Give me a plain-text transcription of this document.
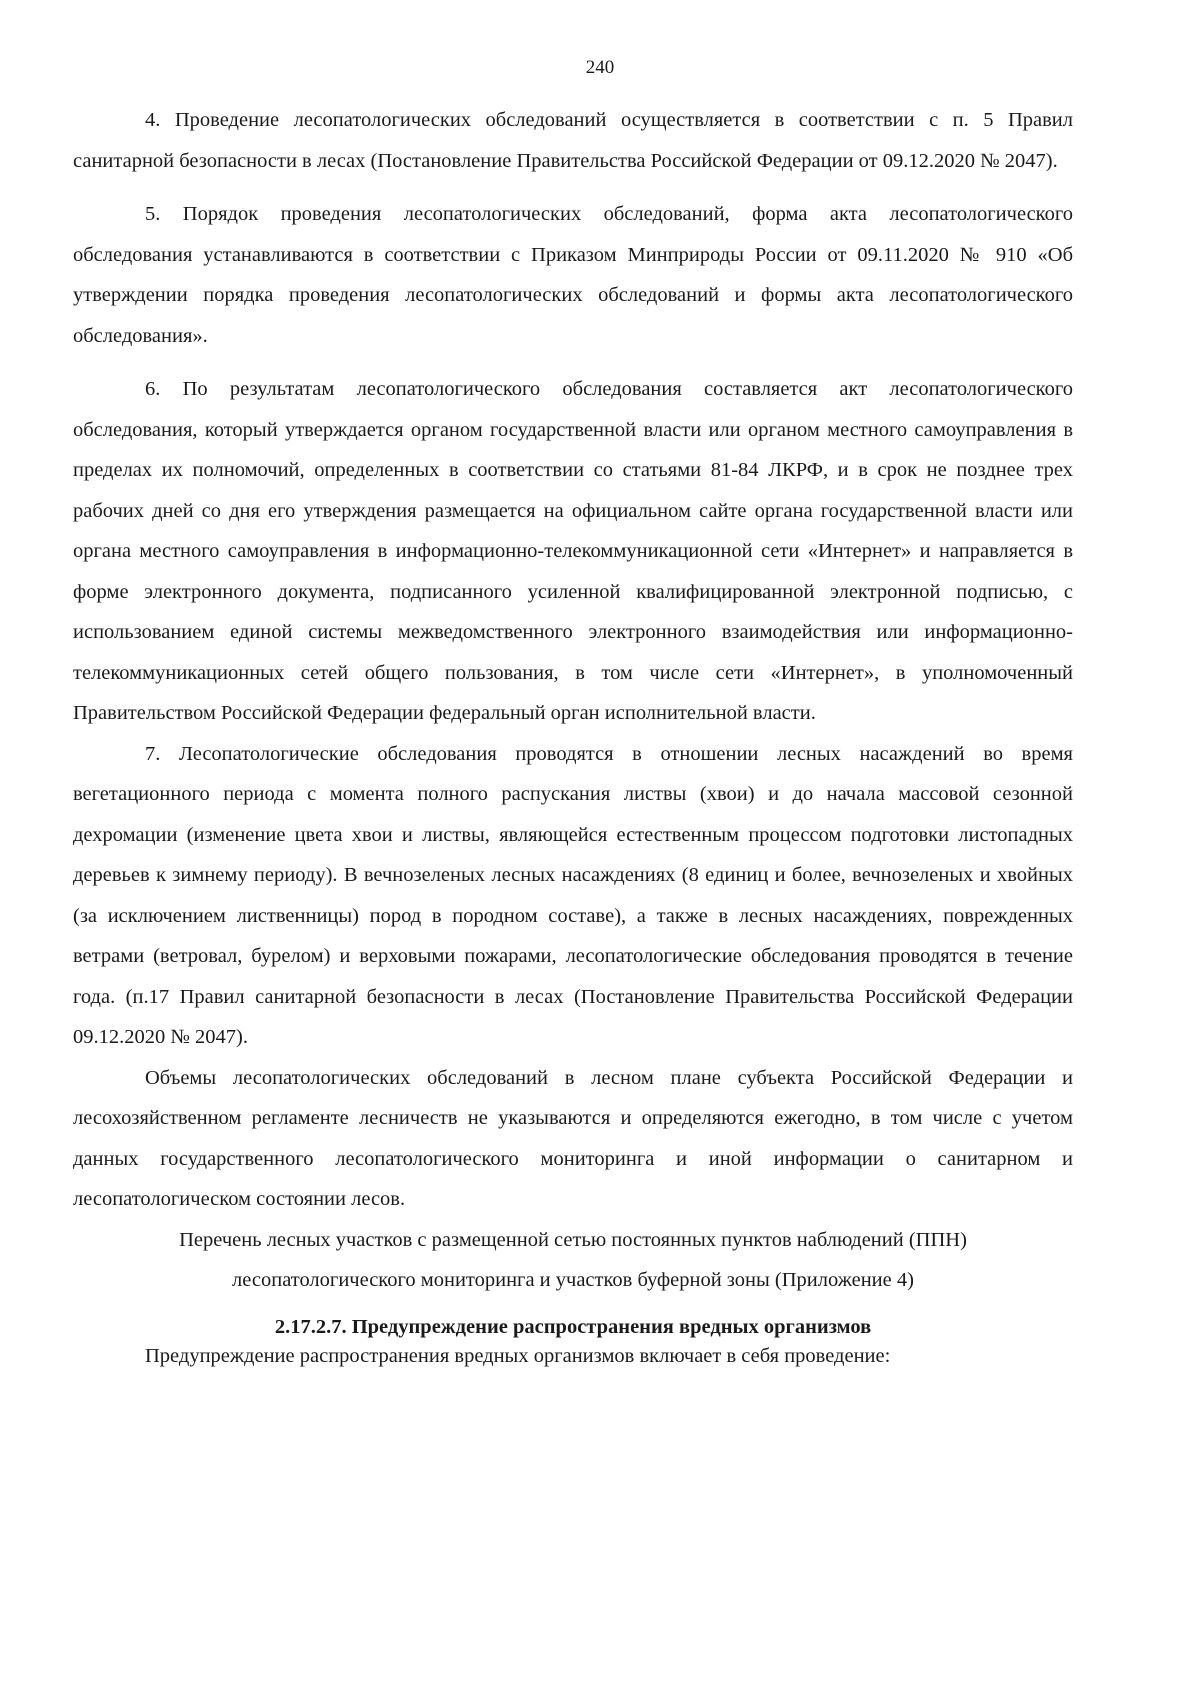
240

4. Проведение лесопатологических обследований осуществляется в соответствии с п. 5 Правил санитарной безопасности в лесах (Постановление Правительства Российской Федерации от 09.12.2020 № 2047).

5. Порядок проведения лесопатологических обследований, форма акта лесопатологического обследования устанавливаются в соответствии с Приказом Минприроды России от 09.11.2020 № 910 «Об утверждении порядка проведения лесопатологических обследований и формы акта лесопатологического обследования».

6. По результатам лесопатологического обследования составляется акт лесопатологического обследования, который утверждается органом государственной власти или органом местного самоуправления в пределах их полномочий, определенных в соответствии со статьями 81-84 ЛКРФ, и в срок не позднее трех рабочих дней со дня его утверждения размещается на официальном сайте органа государственной власти или органа местного самоуправления в информационно-телекоммуникационной сети «Интернет» и направляется в форме электронного документа, подписанного усиленной квалифицированной электронной подписью, с использованием единой системы межведомственного электронного взаимодействия или информационно-телекоммуникационных сетей общего пользования, в том числе сети «Интернет», в уполномоченный Правительством Российской Федерации федеральный орган исполнительной власти.

7. Лесопатологические обследования проводятся в отношении лесных насаждений во время вегетационного периода с момента полного распускания листвы (хвои) и до начала массовой сезонной дехромации (изменение цвета хвои и листвы, являющейся естественным процессом подготовки листопадных деревьев к зимнему периоду). В вечнозеленых лесных насаждениях (8 единиц и более, вечнозеленых и хвойных (за исключением лиственницы) пород в породном составе), а также в лесных насаждениях, поврежденных ветрами (ветровал, бурелом) и верховыми пожарами, лесопатологические обследования проводятся в течение года. (п.17 Правил санитарной безопасности в лесах (Постановление Правительства Российской Федерации 09.12.2020 № 2047).

Объемы лесопатологических обследований в лесном плане субъекта Российской Федерации и лесохозяйственном регламенте лесничеств не указываются и определяются ежегодно, в том числе с учетом данных государственного лесопатологического мониторинга и иной информации о санитарном и лесопатологическом состоянии лесов.

Перечень лесных участков с размещенной сетью постоянных пунктов наблюдений (ППН) лесопатологического мониторинга и участков буферной зоны (Приложение 4)

2.17.2.7. Предупреждение распространения вредных организмов

Предупреждение распространения вредных организмов включает в себя проведение:
